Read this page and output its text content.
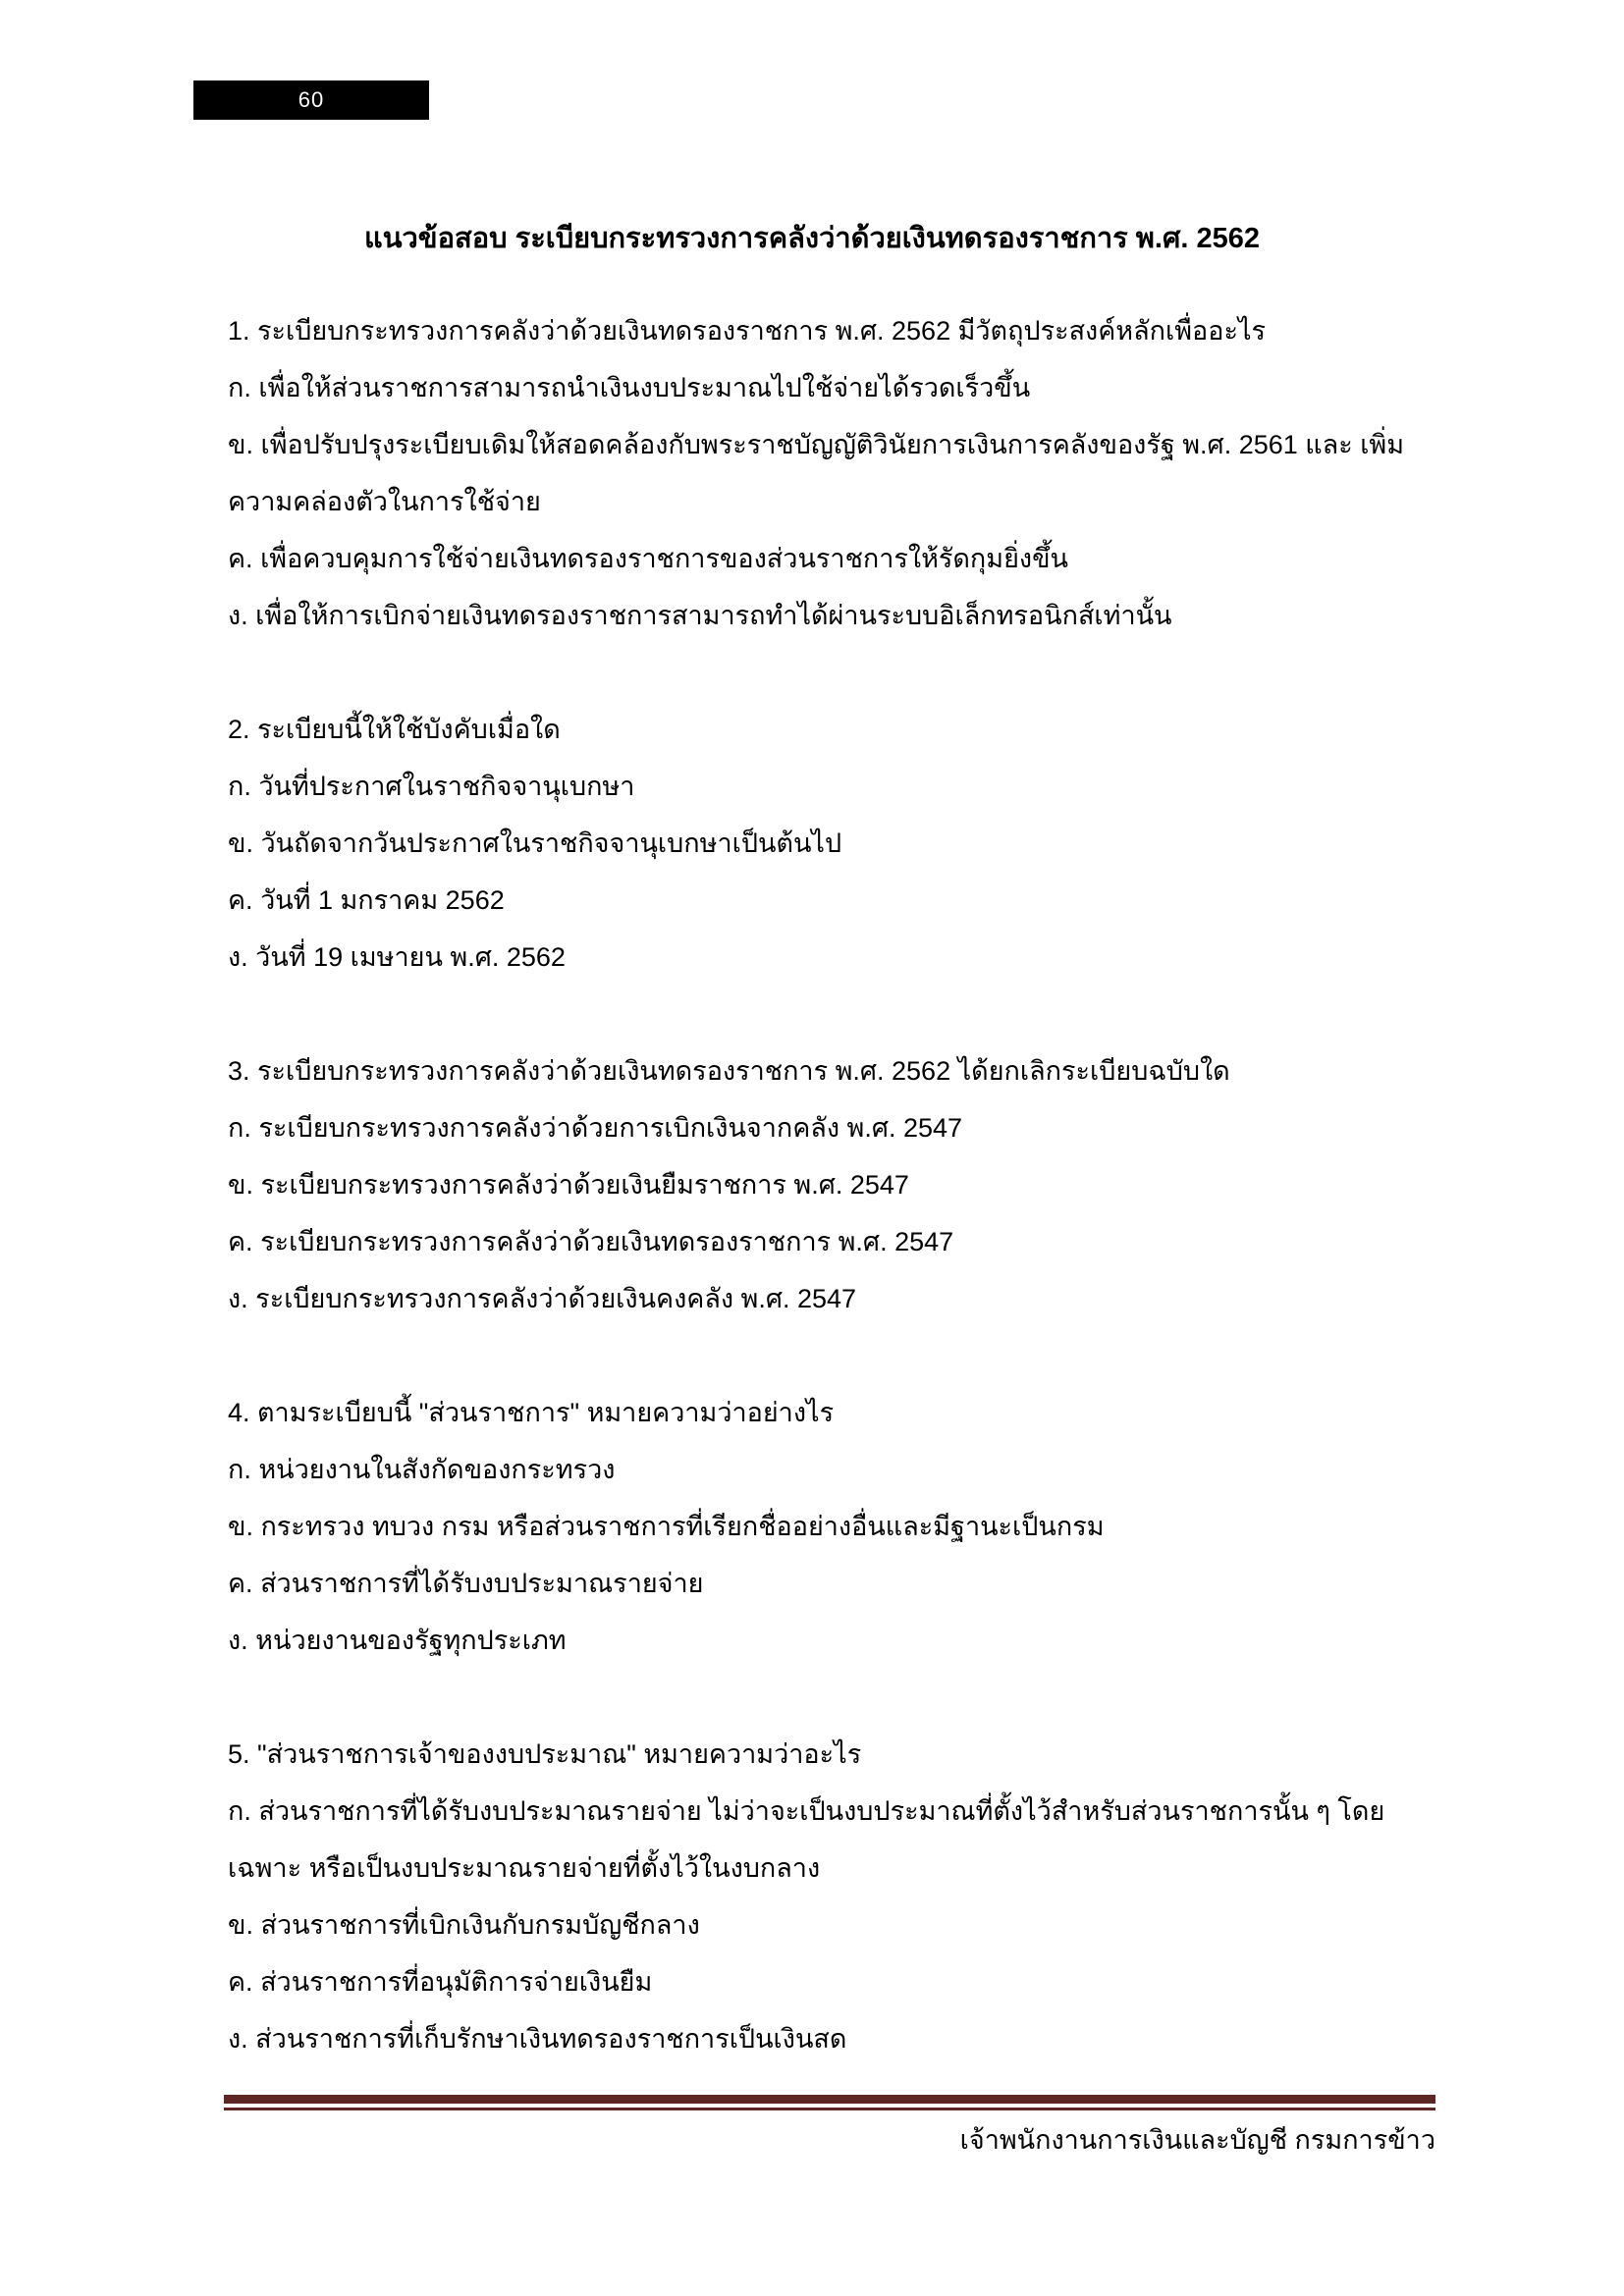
60
แนวข้อสอบ ระเบียบกระทรวงการคลังว่าด้วยเงินทดรองราชการ พ.ศ. 2562

1. ระเบียบกระทรวงการคลังว่าด้วยเงินทดรองราชการ พ.ศ. 2562 มีวัตถุประสงค์หลักเพื่ออะไร

ก. เพื่อให้ส่วนราชการสามารถนำเงินงบประมาณไปใช้จ่ายได้รวดเร็วขึ้น

ข. เพื่อปรับปรุงระเบียบเดิมให้สอดคล้องกับพระราชบัญญัติวินัยการเงินการคลังของรัฐ พ.ศ. 2561 และ เพิ่มความคล่องตัวในการใช้จ่าย

ค. เพื่อควบคุมการใช้จ่ายเงินทดรองราชการของส่วนราชการให้รัดกุมยิ่งขึ้น

ง. เพื่อให้การเบิกจ่ายเงินทดรองราชการสามารถทำได้ผ่านระบบอิเล็กทรอนิกส์เท่านั้น

2. ระเบียบนี้ให้ใช้บังคับเมื่อใด

ก. วันที่ประกาศในราชกิจจานุเบกษา

ข. วันถัดจากวันประกาศในราชกิจจานุเบกษาเป็นต้นไป

ค. วันที่ 1 มกราคม 2562

ง. วันที่ 19 เมษายน พ.ศ. 2562

3. ระเบียบกระทรวงการคลังว่าด้วยเงินทดรองราชการ พ.ศ. 2562 ได้ยกเลิกระเบียบฉบับใด

ก. ระเบียบกระทรวงการคลังว่าด้วยการเบิกเงินจากคลัง พ.ศ. 2547

ข. ระเบียบกระทรวงการคลังว่าด้วยเงินยืมราชการ พ.ศ. 2547

ค. ระเบียบกระทรวงการคลังว่าด้วยเงินทดรองราชการ พ.ศ. 2547

ง. ระเบียบกระทรวงการคลังว่าด้วยเงินคงคลัง พ.ศ. 2547

4. ตามระเบียบนี้ "ส่วนราชการ" หมายความว่าอย่างไร

ก. หน่วยงานในสังกัดของกระทรวง

ข. กระทรวง ทบวง กรม หรือส่วนราชการที่เรียกชื่ออย่างอื่นและมีฐานะเป็นกรม

ค. ส่วนราชการที่ได้รับงบประมาณรายจ่าย

ง. หน่วยงานของรัฐทุกประเภท

5. "ส่วนราชการเจ้าของงบประมาณ" หมายความว่าอะไร

ก. ส่วนราชการที่ได้รับงบประมาณรายจ่าย ไม่ว่าจะเป็นงบประมาณที่ตั้งไว้สำหรับส่วนราชการนั้น ๆ โดยเฉพาะ หรือเป็นงบประมาณรายจ่ายที่ตั้งไว้ในงบกลาง

ข. ส่วนราชการที่เบิกเงินกับกรมบัญชีกลาง

ค. ส่วนราชการที่อนุมัติการจ่ายเงินยืม

ง. ส่วนราชการที่เก็บรักษาเงินทดรองราชการเป็นเงินสด

เจ้าพนักงานการเงินและบัญชี กรมการข้าว
